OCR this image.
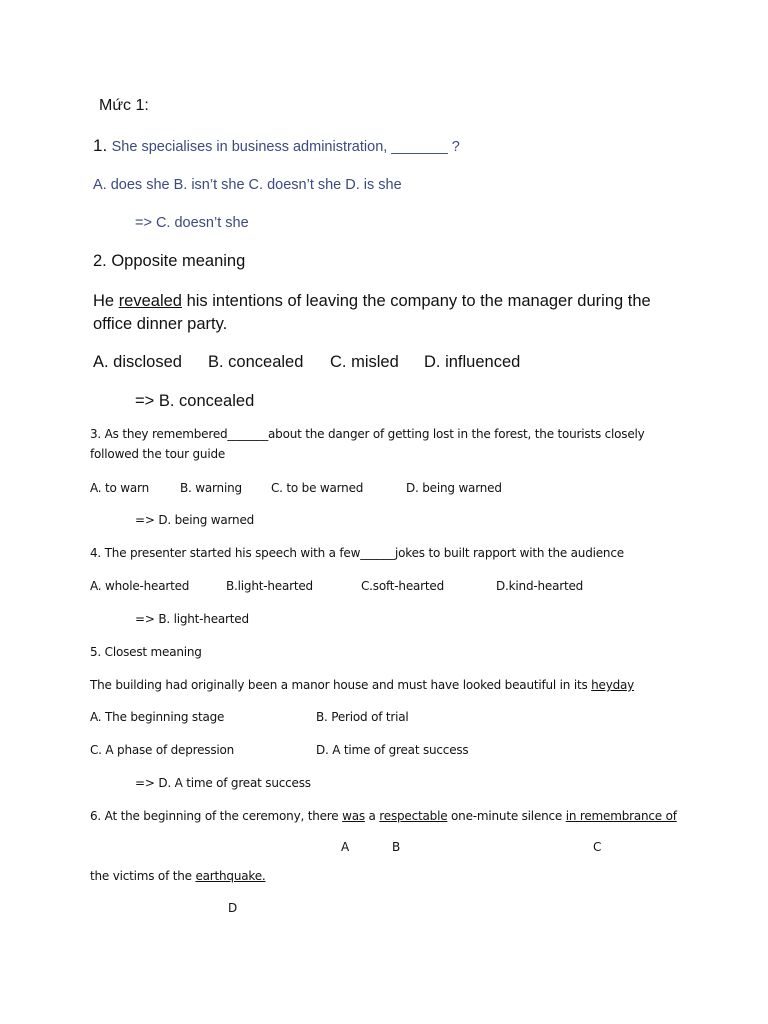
Mức 1:
1. She specialises in business administration, _______ ?
A. does she B. isn’t she C. doesn’t she D. is she
=> C. doesn’t she
2. Opposite meaning
He revealed his intentions of leaving the company to the manager during the office dinner party.
A. disclosed B. concealed C. misled D. influenced
=> B. concealed
3. As they remembered_______about the danger of getting lost in the forest, the tourists closely
followed the tour guide
A. to warn	B. warning C. to be warned	D. being warned
=> D. being warned
4. The presenter started his speech with a few______jokes to built rapport with the audience
A. whole-hearted	B.light-hearted	C.soft-hearted	D.kind-hearted
=> B. light-hearted
5. Closest meaning
The building had originally been a manor house and must have looked beautiful in its heyday
A. The beginning stage	B. Period of trial
C. A phase of depression	D. A time of great success
=> D. A time of great success
6. At the beginning of the ceremony, there was a respectable one-minute silence in remembrance of
A	B	C
the victims of the earthquake.
D
